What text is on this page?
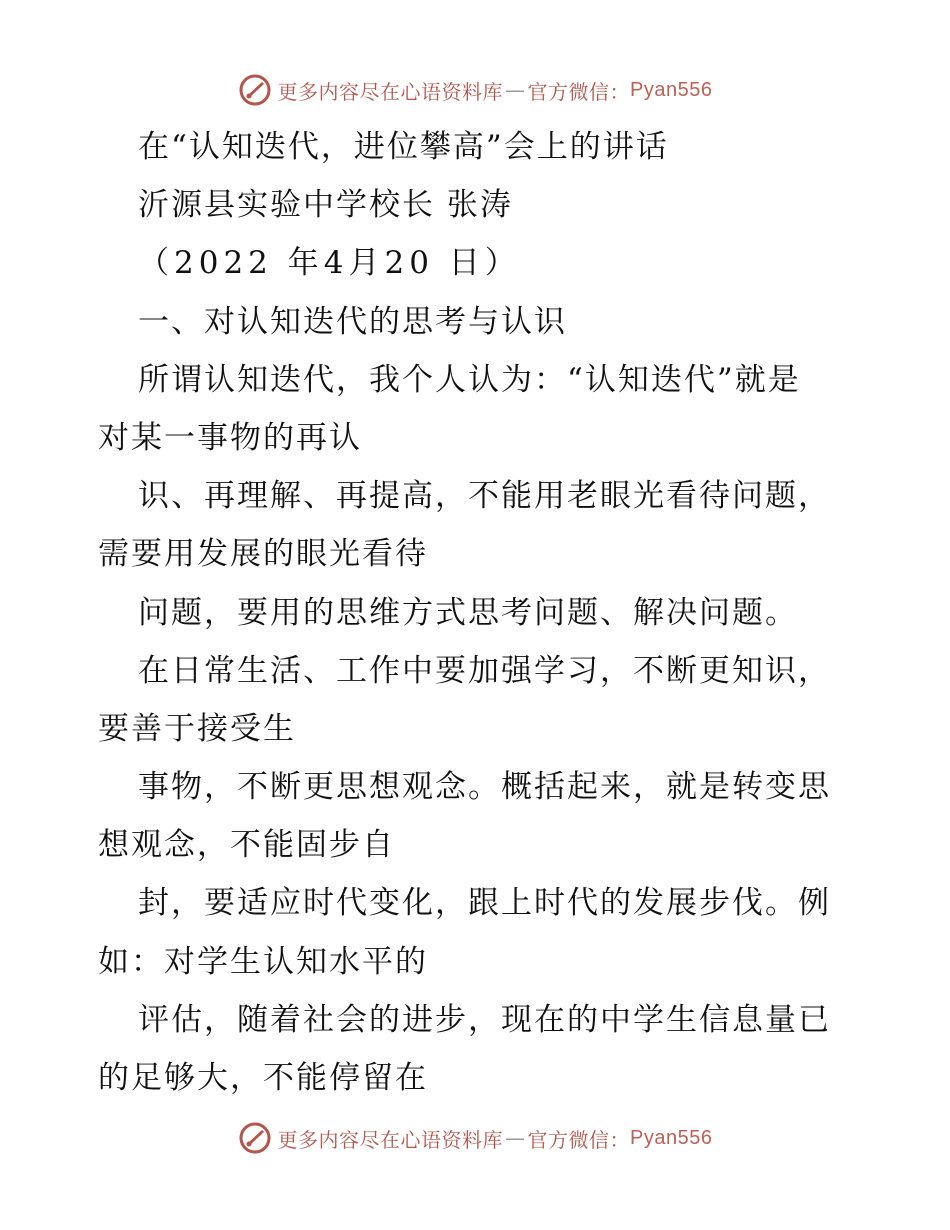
更多内容尽在心语资料库 — 官方微信： Pyan556
在“认知迭代，进位攀高”会上的讲话
沂源县实验中学校长 张涛
（2022 年4月20 日）
一、对认知迭代的思考与认识
所谓认知迭代，我个人认为：“认知迭代”就是
对某一事物的再认
识、再理解、再提高，不能用老眼光看待问题，
需要用发展的眼光看待
问题，要用的思维方式思考问题、解决问题。
在日常生活、工作中要加强学习，不断更知识，
要善于接受生
事物，不断更思想观念。概括起来，就是转变思
想观念，不能固步自
封，要适应时代变化，跟上时代的发展步伐。例
如：对学生认知水平的
评估，随着社会的进步，现在的中学生信息量已
的足够大，不能停留在
更多内容尽在心语资料库 — 官方微信： Pyan556
